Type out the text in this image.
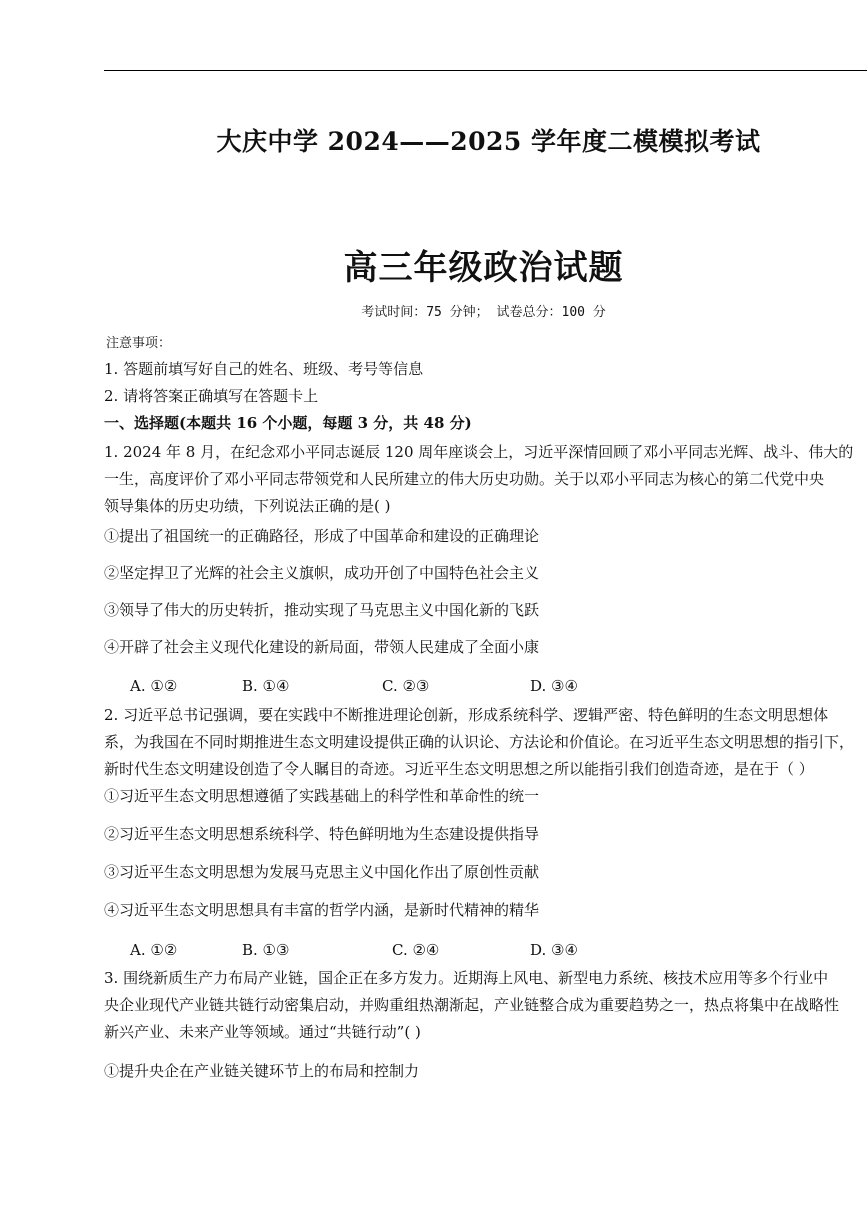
大庆中学 2024——2025 学年度二模模拟考试
高三年级政治试题
考试时间：75 分钟； 试卷总分：100 分
注意事项：
1. 答题前填写好自己的姓名、班级、考号等信息
2. 请将答案正确填写在答题卡上
一、选择题(本题共 16 个小题，每题 3 分，共 48 分)
1. 2024 年 8 月，在纪念邓小平同志诞辰 120 周年座谈会上，习近平深情回顾了邓小平同志光辉、战斗、伟大的
一生，高度评价了邓小平同志带领党和人民所建立的伟大历史功勋。关于以邓小平同志为核心的第二代党中央
领导集体的历史功绩，下列说法正确的是( )
①提出了祖国统一的正确路径，形成了中国革命和建设的正确理论
②坚定捍卫了光辉的社会主义旗帜，成功开创了中国特色社会主义
③领导了伟大的历史转折，推动实现了马克思主义中国化新的飞跃
④开辟了社会主义现代化建设的新局面，带领人民建成了全面小康
A. ①②	B. ①④	C. ②③	D. ③④
2. 习近平总书记强调，要在实践中不断推进理论创新，形成系统科学、逻辑严密、特色鲜明的生态文明思想体
系，为我国在不同时期推进生态文明建设提供正确的认识论、方法论和价值论。在习近平生态文明思想的指引下，
新时代生态文明建设创造了令人瞩目的奇迹。习近平生态文明思想之所以能指引我们创造奇迹，是在于（ ）
①习近平生态文明思想遵循了实践基础上的科学性和革命性的统一
②习近平生态文明思想系统科学、特色鲜明地为生态建设提供指导
③习近平生态文明思想为发展马克思主义中国化作出了原创性贡献
④习近平生态文明思想具有丰富的哲学内涵，是新时代精神的精华
A. ①②	B. ①③	C. ②④	D. ③④
3. 围绕新质生产力布局产业链，国企正在多方发力。近期海上风电、新型电力系统、核技术应用等多个行业中
央企业现代产业链共链行动密集启动，并购重组热潮渐起，产业链整合成为重要趋势之一，热点将集中在战略性
新兴产业、未来产业等领域。通过“共链行动”( )
①提升央企在产业链关键环节上的布局和控制力
